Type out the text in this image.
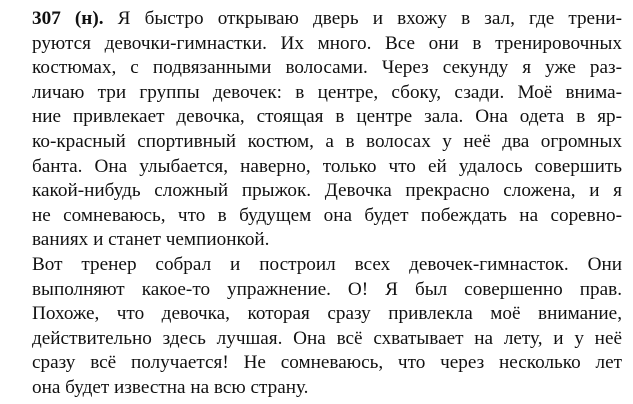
307 (н). Я быстро открываю дверь и вхожу в зал, где трени-
руются девочки-гимнастки. Их много. Все они в тренировочных
костюмах, с подвязанными волосами. Через секунду я уже раз-
личаю три группы девочек: в центре, сбоку, сзади. Моё внима-
ние привлекает девочка, стоящая в центре зала. Она одета в яр-
ко-красный спортивный костюм, а в волосах у неё два огромных
банта. Она улыбается, наверно, только что ей удалось совершить
какой-нибудь сложный прыжок. Девочка прекрасно сложена, и я
не сомневаюсь, что в будущем она будет побеждать на соревно-
ваниях и станет чемпионкой.
Вот тренер собрал и построил всех девочек-гимнасток. Они
выполняют какое-то упражнение. О! Я был совершенно прав.
Похоже, что девочка, которая сразу привлекла моё внимание,
действительно здесь лучшая. Она всё схватывает на лету, и у неё
сразу всё получается! Не сомневаюсь, что через несколько лет
она будет известна на всю страну.
